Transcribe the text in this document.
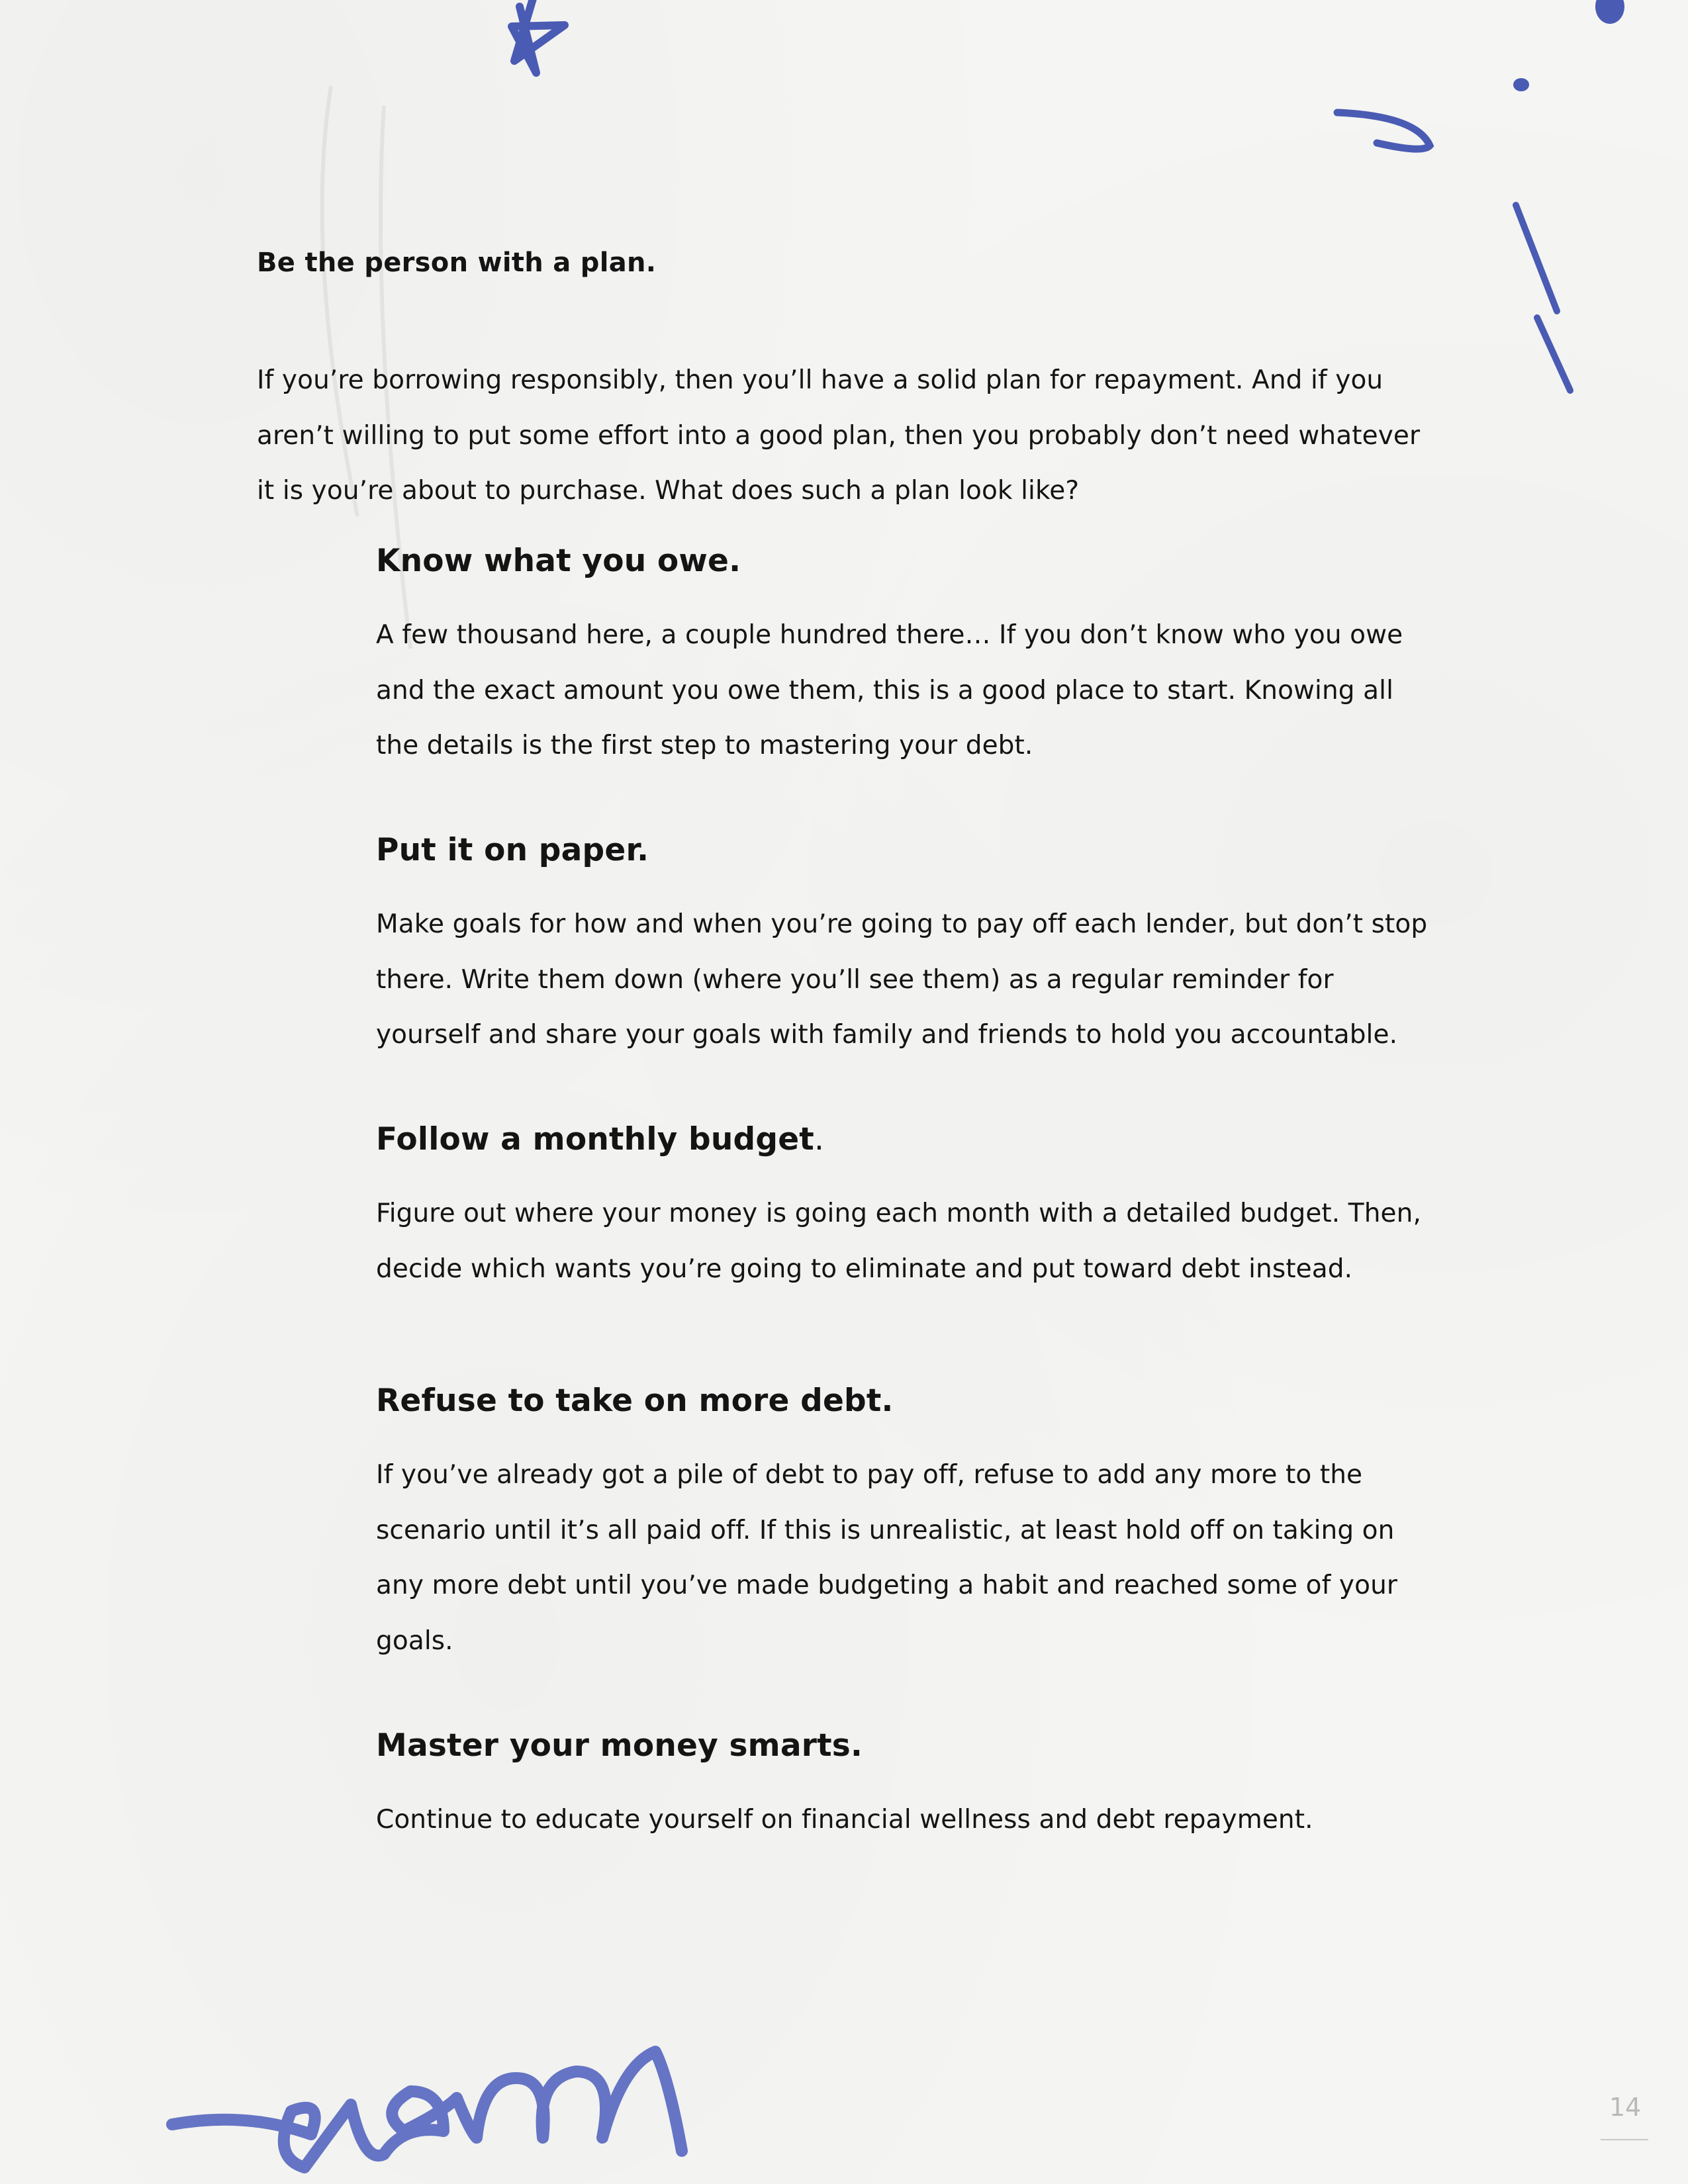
Be the person with a plan.

If you’re borrowing responsibly, then you’ll have a solid plan for repayment. And if you aren’t willing to put some effort into a good plan, then you probably don’t need whatever it is you’re about to purchase. What does such a plan look like?

Know what you owe.

A few thousand here, a couple hundred there… If you don’t know who you owe and the exact amount you owe them, this is a good place to start. Knowing all the details is the first step to mastering your debt.

Put it on paper.

Make goals for how and when you’re going to pay off each lender, but don’t stop there. Write them down (where you’ll see them) as a regular reminder for yourself and share your goals with family and friends to hold you accountable.

Follow a monthly budget.

Figure out where your money is going each month with a detailed budget. Then, decide which wants you’re going to eliminate and put toward debt instead.

Refuse to take on more debt.

If you’ve already got a pile of debt to pay off, refuse to add any more to the scenario until it’s all paid off. If this is unrealistic, at least hold off on taking on any more debt until you’ve made budgeting a habit and reached some of your goals.

Master your money smarts.

Continue to educate yourself on financial wellness and debt repayment.

14
